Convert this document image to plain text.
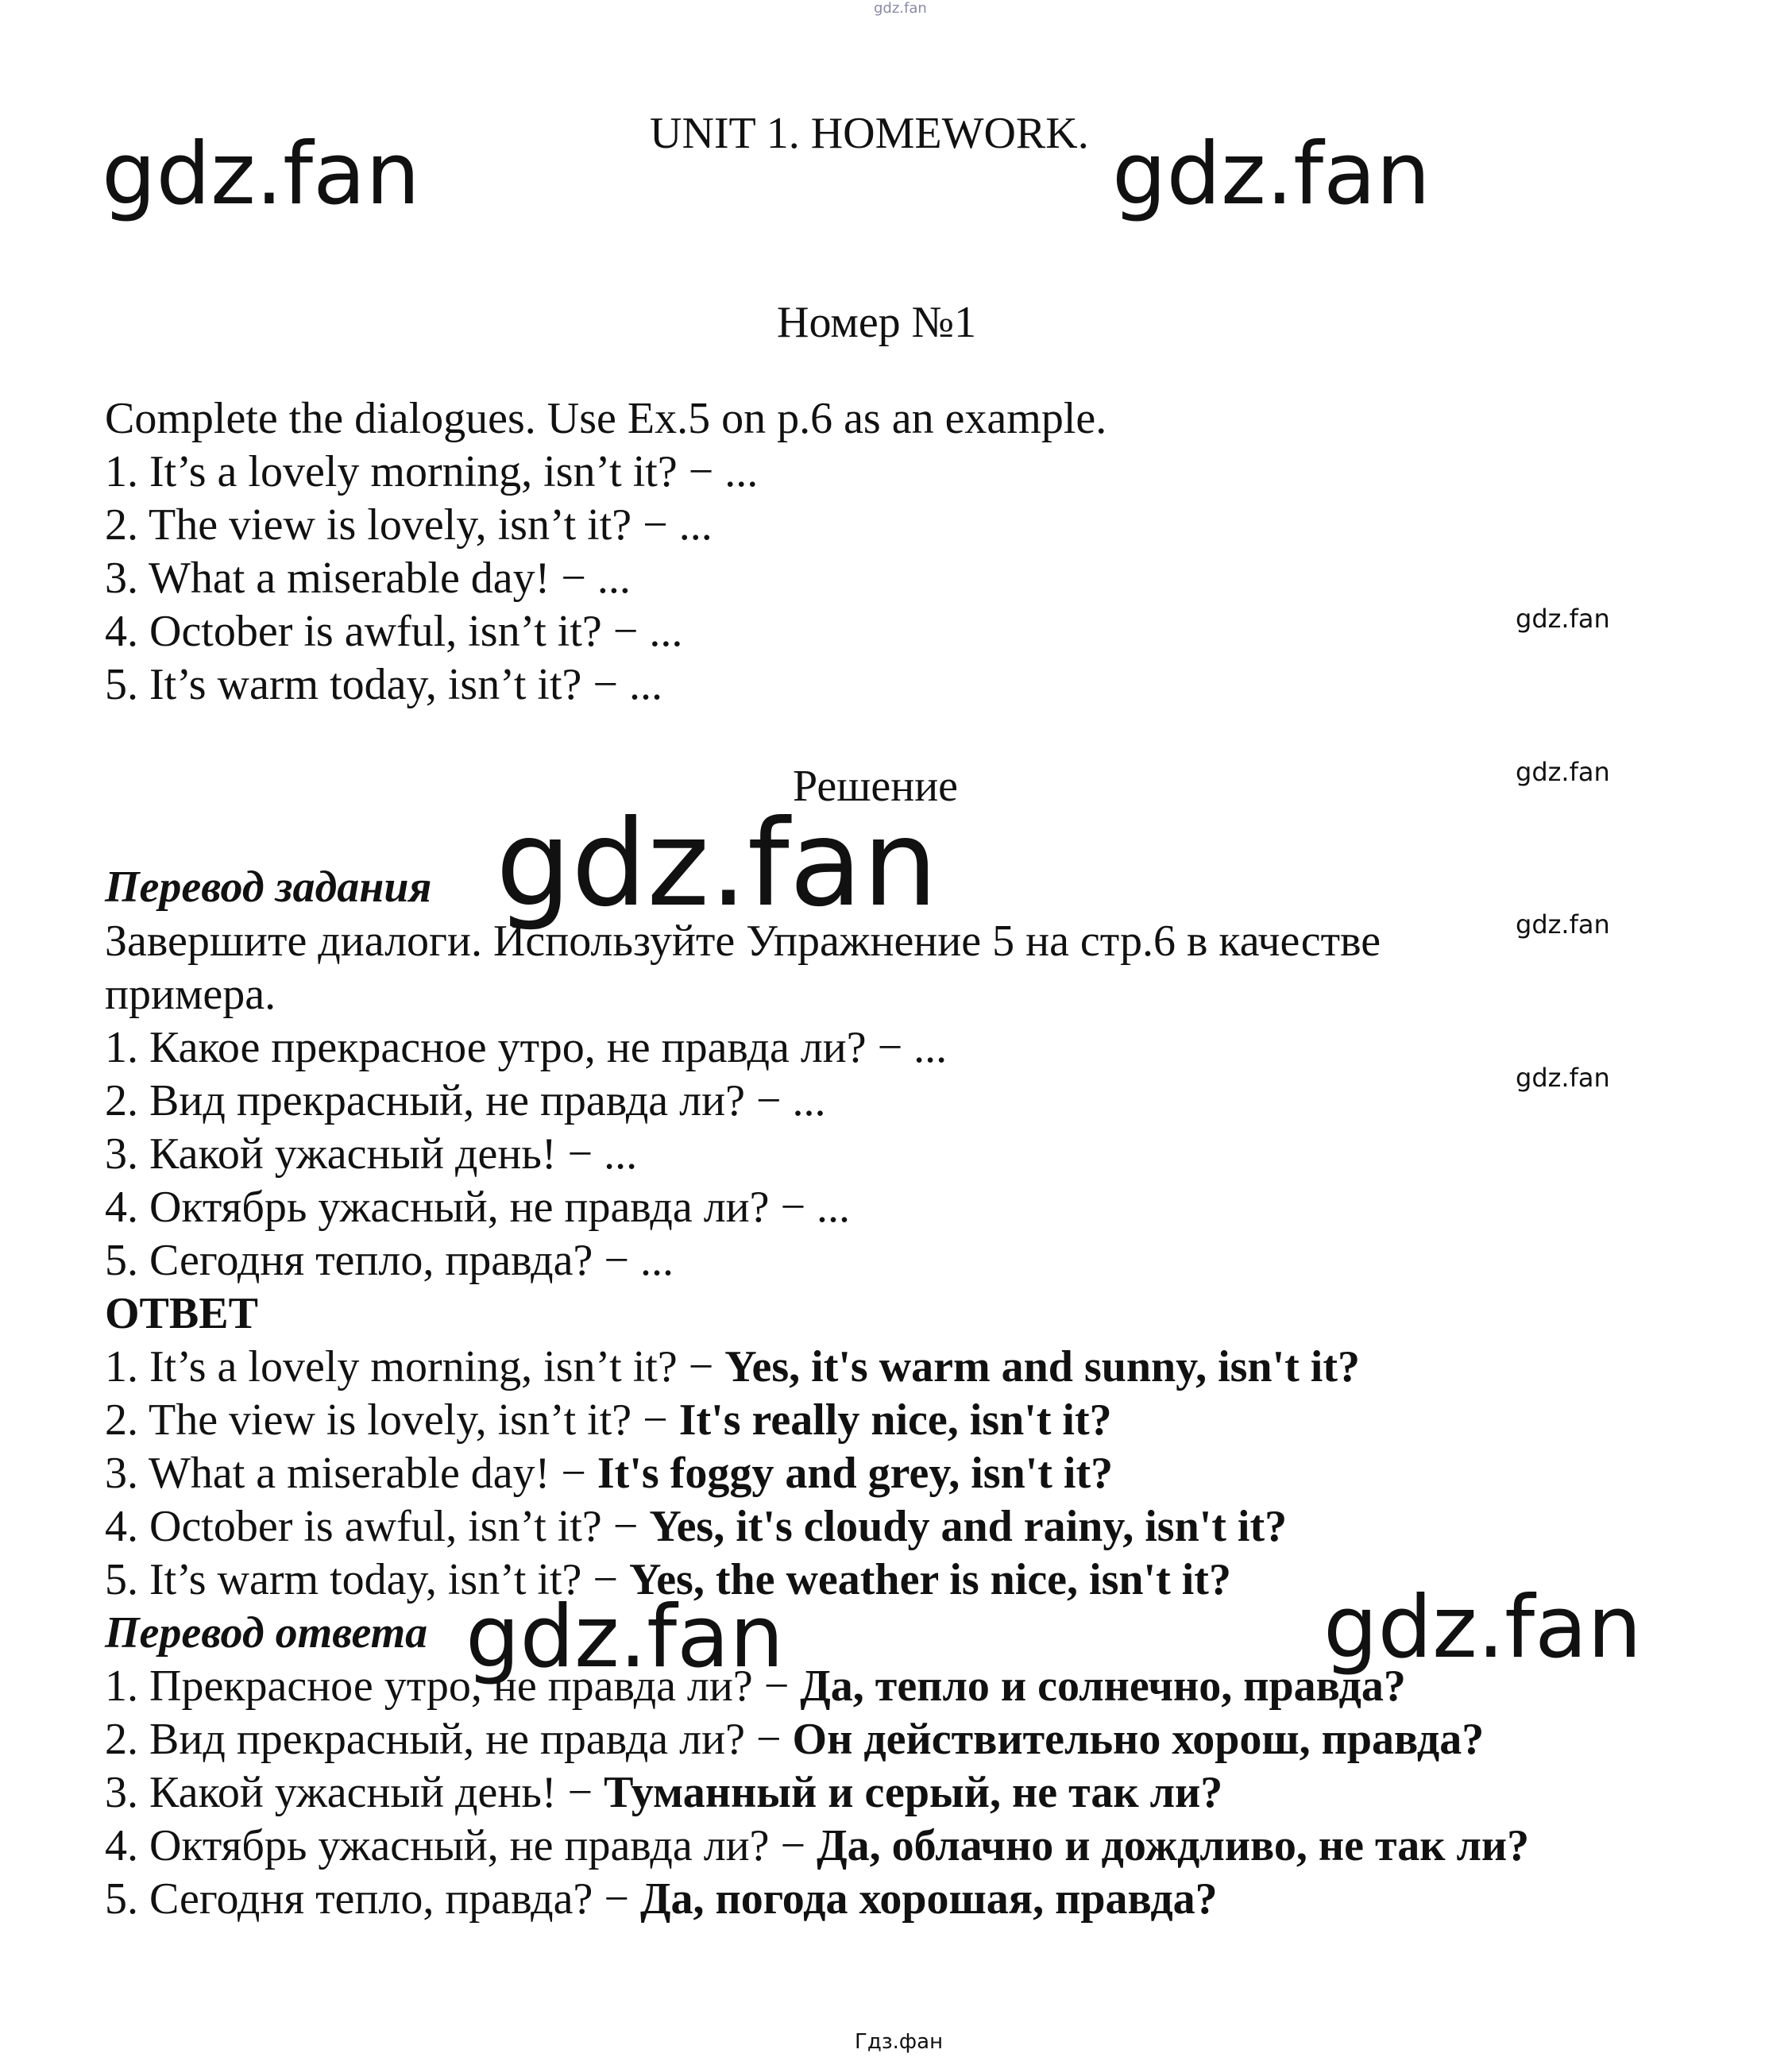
gdz.fan
UNIT 1. HOMEWORK.
gdz.fan	gdz.fan
Номер №1
Complete the dialogues. Use Ex.5 on p.6 as an example.
1. It’s a lovely morning, isn’t it? − ...
2. The view is lovely, isn’t it? − ...
3. What a miserable day! − ...
4. October is awful, isn’t it? − ...
5. It’s warm today, isn’t it? − ...
gdz.fan
gdz.fan
gdz.fan
gdz.fan
Решение
gdz.fan
Перевод задания
Завершите диалоги. Используйте Упражнение 5 на стр.6 в качестве
примера.
1. Какое прекрасное утро, не правда ли? − ...
2. Вид прекрасный, не правда ли? − ...
3. Какой ужасный день! − ...
4. Октябрь ужасный, не правда ли? − ...
5. Сегодня тепло, правда? − ...
ОТВЕТ
1. It’s a lovely morning, isn’t it? − Yes, it's warm and sunny, isn't it?
2. The view is lovely, isn’t it? − It's really nice, isn't it?
3. What a miserable day! − It's foggy and grey, isn't it?
4. October is awful, isn’t it? − Yes, it's cloudy and rainy, isn't it?
5. It’s warm today, isn’t it? − Yes, the weather is nice, isn't it?	gdz.fan
Перевод ответа gdz.fan
1. Прекрасное утро, не правда ли? − Да, тепло и солнечно, правда?
2. Вид прекрасный, не правда ли? − Он действительно хорош, правда?
3. Какой ужасный день! − Туманный и серый, не так ли?
4. Октябрь ужасный, не правда ли? − Да, облачно и дождливо, не так ли?
5. Сегодня тепло, правда? − Да, погода хорошая, правда?
Гдз.фан
